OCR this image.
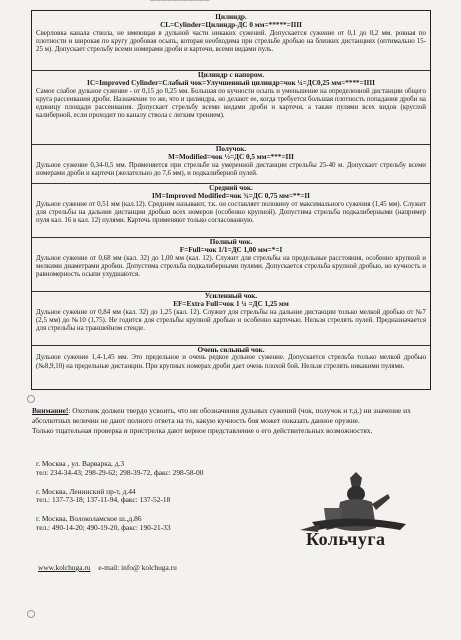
───────────
Цилиндр.
CL=Cylinder=Цилиндр-ДС 0 мм=*****=IIII

Сверловка канала ствола, не имеющая в дульной части никаких сужений. Допускается сужение от 0,1 до 0,2 мм. ровная по плотности и широкая по кругу дробовая осыпь, которая необходима при стрельбе дробью на близких дистанциях (оптимально 15-25 м). Допускает стрельбу всеми номерами дроби и картечи, всеми видами пуль.

Цилиндр с напором.
IC=Improved Cylinder=Слабый чок=Улучшенный цилиндр=чок ¼=ДС0,25 мм=****=IIII

Самое слабое дульное сужение - от 0,15 до 0,25 мм. Большая по кучности осыпь и уменьшение на определенной дистанции общего круга рассеивания дроби. Назначение то же, что и цилиндра, но делают ее, когда требуется большая плотность попадания дроби на единицу площади рассеивания. Допускает стрельбу всеми видами дроби и картечи, а также пулями всех видов (круглой калиберной, если проходит по каналу ствола с легким трением).

Получок.
M=Modified=чок ½=ДС 0,5 мм=***=III

Дульное сужение 0,34-0,5 мм. Применяется при стрельбе на умеренной дистанции стрельбы 25-40 м. Допускает стрельбу всеми номерами дроби и картечи (желательно до 7,6 мм), и подкалиберной пулей.

Средний чок.
IM=Improved Modified=чок ¾=ДС 0,75 мм=**=II

Дульное сужение от 0,51 мм (кал.12). Средним называют, т.к. он составляет половину от максимального сужения (1,45 мм). Служит для стрельбы на дальние дистанции дробью всех номеров (особенно крупной). Допустима стрельба подкалиберными (например пуля кал. 16 в кал. 12) пулями. Картечь применяют только согласованную.

Полный чок.
F=Full=чок 1/1=ДС 1,00 мм=*=I

Дульное сужение от 0,68 мм (кал. 32) до 1,00 мм (кал. 12). Служит для стрельбы на предельные расстояния, особенно крупной и мелкими диаметрами дробин. Допустима стрельба подкалиберными пулями. Допускается стрельба крупной дробью, но кучность и равномерность осыпи ухудшаются.

Усиленный чок.
EF=Extra Full=чок 1 ¼ =ДС 1,25 мм

Дульное сужение от 0,84 мм (кал. 32) до 1,25 (кал. 12). Служит для стрельбы на дальние дистанции только мелкой дробью от №7 (2,5 мм) до №10 (1,75). Не годится для стрельбы крупной дробью и особенно картечью. Нельзя стрелять пулей. Предназначается для стрельбы на траншейном стенде.

Очень сильный чок.

Дульное сужение 1,4-1,45 мм. Это предельное и очень редкое дульное сужение. Допускается стрельба только мелкой дробью (№8,9,10) на предельные дистанции. При крупных номерах дроби дает очень плохой бой. Нельзя стрелять никакими пулями.

Внимание!: Охотник должен твердо усвоить, что ни обозначения дульных сужений (чок, получок и т.д.) ни значение их абсолютных величин не дают полного ответа на то, какую кучность боя может показать данное оружие.
Только тщательная проверка и пристрелка дают верное представление о его действительных возможностях.
г. Москва , ул. Варварка, д.3
тел: 234-34-43; 298-29-62; 298-39-72, факс: 298-58-00
г. Москва, Ленинский пр-т, д.44
тел.: 137-73-18; 137-11-94, факс: 137-52-18
г. Москва, Волоколамское ш.,д.86
тел.: 490-14-20; 490-19-20, факс: 190-21-33
www.kolchuga.ru e-mail: info@ kolchuga.ru
Кольчуга
